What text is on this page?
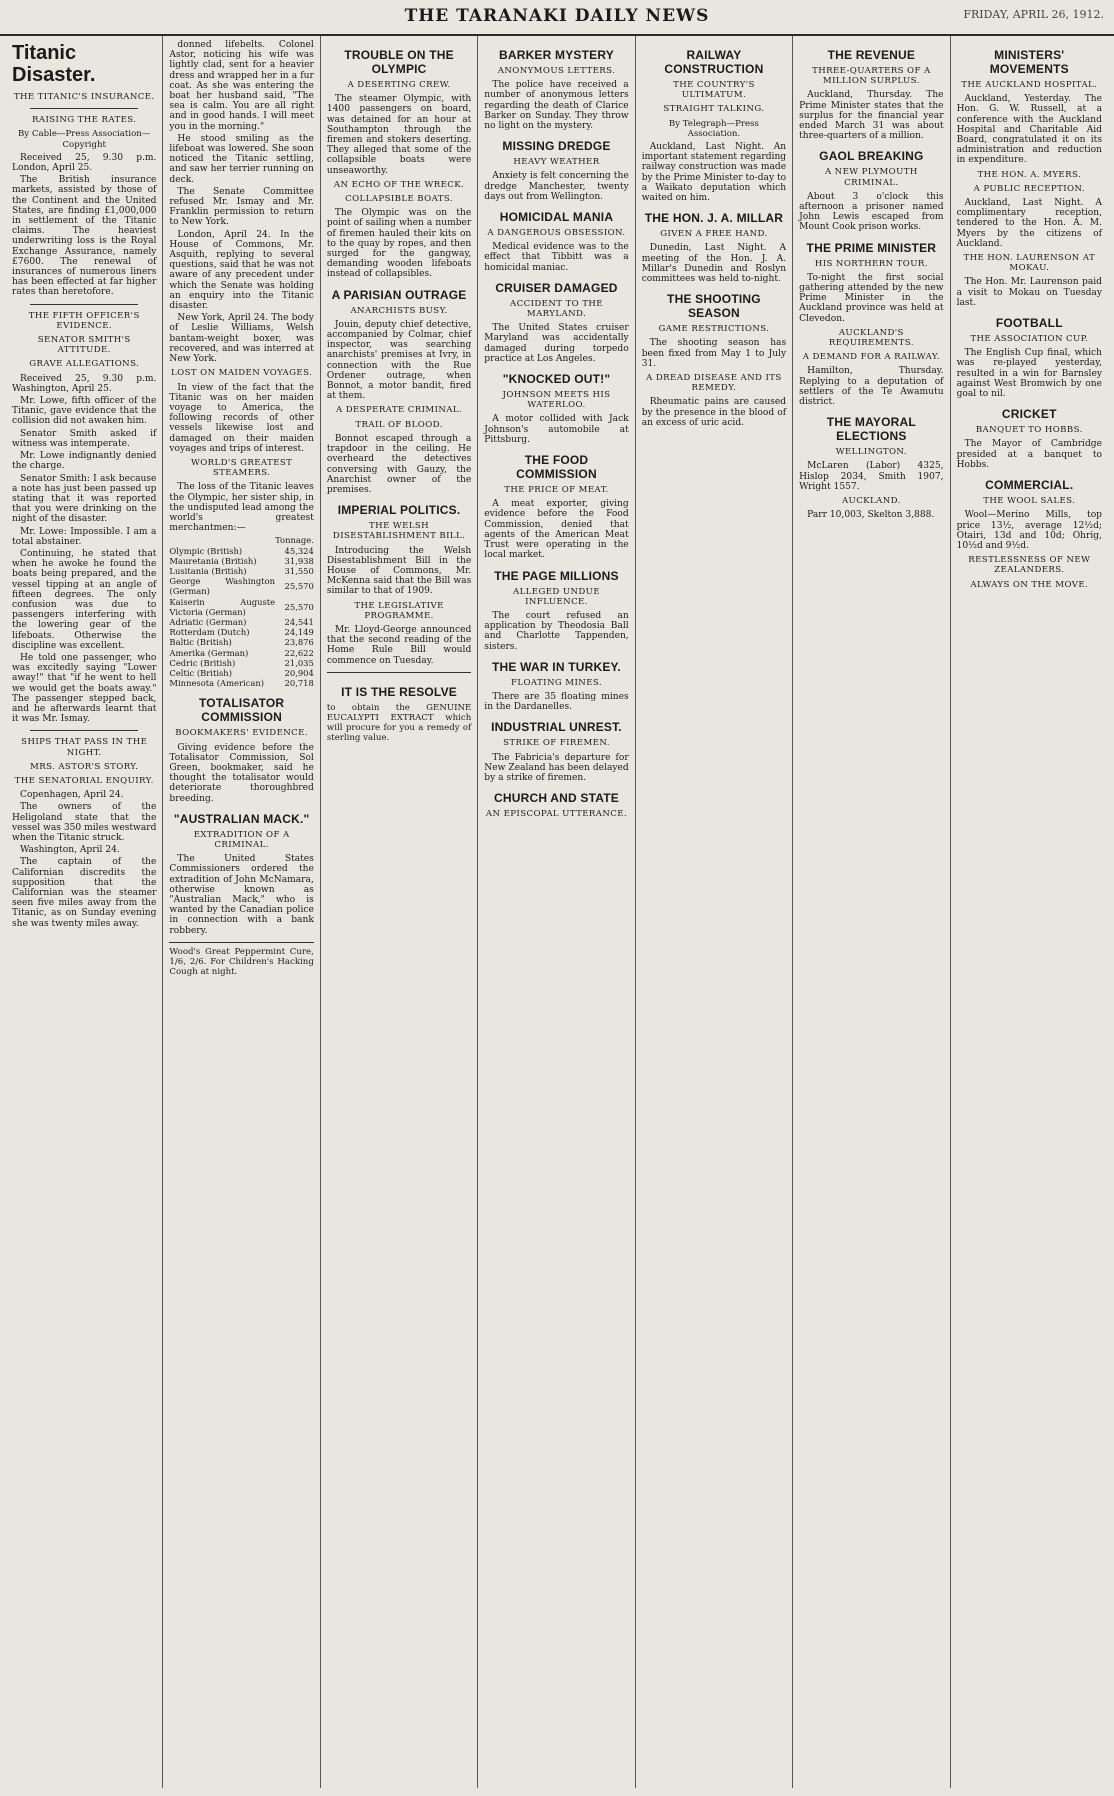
THE TARANAKI DAILY NEWS	FRIDAY, APRIL 26, 1912.
Titanic Disaster.
THE TITANIC'S INSURANCE.
RAISING THE RATES.
By Cable—Press Association—Copyright

Received 25, 9.30 p.m. London, April 25.

The British insurance markets, assisted by those of the Continent and the United States, are finding £1,000,000 in settlement of the Titanic claims. The heaviest underwriting loss is the Royal Exchange Assurance, namely £7600. The renewal of insurances of numerous liners has been effected at far higher rates than heretofore.

THE FIFTH OFFICER'S EVIDENCE.
SENATOR SMITH'S ATTITUDE.
GRAVE ALLEGATIONS.

Received 25, 9.30 p.m. Washington, April 25.

Mr. Lowe, fifth officer of the Titanic, gave evidence that the collision did not awaken him.

Senator Smith asked if witness was intemperate.

Mr. Lowe indignantly denied the charge.

Senator Smith: I ask because a note has just been passed up stating that it was reported that you were drinking on the night of the disaster.

Mr. Lowe: Impossible. I am a total abstainer.

Continuing, he stated that when he awoke he found the boats being prepared, and the vessel tipping at an angle of fifteen degrees. The only confusion was due to passengers interfering with the lowering gear of the lifeboats. Otherwise the discipline was excellent.

He told one passenger, who was excitedly saying "Lower away!" that "if he went to hell we would get the boats away." The passenger stepped back, and he afterwards learnt that it was Mr. Ismay.

SHIPS THAT PASS IN THE NIGHT.
MRS. ASTOR'S STORY.
THE SENATORIAL ENQUIRY.

Copenhagen, April 24.

The owners of the Heligoland state that the vessel was 350 miles westward when the Titanic struck.

Washington, April 24.

The captain of the Californian discredits the supposition that the Californian was the steamer seen five miles away from the Titanic, as on Sunday evening she was twenty miles away.

donned lifebelts. Colonel Astor, noticing his wife was lightly clad, sent for a heavier dress and wrapped her in a fur coat. As she was entering the boat her husband said, "The sea is calm. You are all right and in good hands. I will meet you in the morning."

He stood smiling as the lifeboat was lowered. She soon noticed the Titanic settling, and saw her terrier running on deck.

The Senate Committee refused Mr. Ismay and Mr. Franklin permission to return to New York.

London, April 24. In the House of Commons, Mr. Asquith, replying to several questions, said that he was not aware of any precedent under which the Senate was holding an enquiry into the Titanic disaster.

New York, April 24. The body of Leslie Williams, Welsh bantam-weight boxer, was recovered, and was interred at New York.

LOST ON MAIDEN VOYAGES.

In view of the fact that the Titanic was on her maiden voyage to America, the following records of other vessels likewise lost and damaged on their maiden voyages and trips of interest.

WORLD'S GREATEST STEAMERS.

The loss of the Titanic leaves the Olympic, her sister ship, in the undisputed lead among the world's greatest merchantmen:—

	Tonnage.
Olympic (British)	45,324
Mauretania (British)	31,938
Lusitania (British)	31,550
George Washington (German)	25,570
Kaiserin Auguste Victoria (German)	25,570
Adriatic (German)	24,541
Rotterdam (Dutch)	24,149
Baltic (British)	23,876
Amerika (German)	22,622
Cedric (British)	21,035
Celtic (British)	20,904
Minnesota (American)	20,718
TOTALISATOR COMMISSION
BOOKMAKERS' EVIDENCE.

Giving evidence before the Totalisator Commission, Sol Green, bookmaker, said he thought the totalisator would deteriorate thoroughbred breeding.

"AUSTRALIAN MACK."
EXTRADITION OF A CRIMINAL.

The United States Commissioners ordered the extradition of John McNamara, otherwise known as "Australian Mack," who is wanted by the Canadian police in connection with a bank robbery.

Wood's Great Peppermint Cure, 1/6, 2/6. For Children's Hacking Cough at night.
TROUBLE ON THE OLYMPIC
A DESERTING CREW.

The steamer Olympic, with 1400 passengers on board, was detained for an hour at Southampton through the firemen and stokers deserting. They alleged that some of the collapsible boats were unseaworthy.

AN ECHO OF THE WRECK.
COLLAPSIBLE BOATS.

The Olympic was on the point of sailing when a number of firemen hauled their kits on to the quay by ropes, and then surged for the gangway, demanding wooden lifeboats instead of collapsibles.

A PARISIAN OUTRAGE
ANARCHISTS BUSY.

Jouin, deputy chief detective, accompanied by Colmar, chief inspector, was searching anarchists' premises at Ivry, in connection with the Rue Ordener outrage, when Bonnot, a motor bandit, fired at them.

A DESPERATE CRIMINAL.
TRAIL OF BLOOD.

Bonnot escaped through a trapdoor in the ceiling. He overheard the detectives conversing with Gauzy, the Anarchist owner of the premises.

IMPERIAL POLITICS.
THE WELSH DISESTABLISHMENT BILL.

Introducing the Welsh Disestablishment Bill in the House of Commons, Mr. McKenna said that the Bill was similar to that of 1909.

THE LEGISLATIVE PROGRAMME.

Mr. Lloyd-George announced that the second reading of the Home Rule Bill would commence on Tuesday.

IT IS THE RESOLVE
to obtain the GENUINE EUCALYPTI EXTRACT which will procure for you a remedy of sterling value.
BARKER MYSTERY
ANONYMOUS LETTERS.

The police have received a number of anonymous letters regarding the death of Clarice Barker on Sunday. They throw no light on the mystery.

MISSING DREDGE
HEAVY WEATHER

Anxiety is felt concerning the dredge Manchester, twenty days out from Wellington.

HOMICIDAL MANIA
A DANGEROUS OBSESSION.

Medical evidence was to the effect that Tibbitt was a homicidal maniac.

CRUISER DAMAGED
ACCIDENT TO THE MARYLAND.

The United States cruiser Maryland was accidentally damaged during torpedo practice at Los Angeles.

"KNOCKED OUT!"
JOHNSON MEETS HIS WATERLOO.

A motor collided with Jack Johnson's automobile at Pittsburg.

THE FOOD COMMISSION
THE PRICE OF MEAT.

A meat exporter, giving evidence before the Food Commission, denied that agents of the American Meat Trust were operating in the local market.

THE PAGE MILLIONS
ALLEGED UNDUE INFLUENCE.

The court refused an application by Theodosia Ball and Charlotte Tappenden, sisters.

THE WAR IN TURKEY.
FLOATING MINES.

There are 35 floating mines in the Dardanelles.

INDUSTRIAL UNREST.
STRIKE OF FIREMEN.

The Fabricia's departure for New Zealand has been delayed by a strike of firemen.

CHURCH AND STATE
AN EPISCOPAL UTTERANCE.
RAILWAY CONSTRUCTION
THE COUNTRY'S ULTIMATUM.
STRAIGHT TALKING.
By Telegraph—Press Association.

Auckland, Last Night. An important statement regarding railway construction was made by the Prime Minister to-day to a Waikato deputation which waited on him.

THE HON. J. A. MILLAR
GIVEN A FREE HAND.

Dunedin, Last Night. A meeting of the Hon. J. A. Millar's Dunedin and Roslyn committees was held to-night.

THE SHOOTING SEASON
GAME RESTRICTIONS.

The shooting season has been fixed from May 1 to July 31.

A DREAD DISEASE AND ITS REMEDY.

Rheumatic pains are caused by the presence in the blood of an excess of uric acid.

THE REVENUE
THREE-QUARTERS OF A MILLION SURPLUS.

Auckland, Thursday. The Prime Minister states that the surplus for the financial year ended March 31 was about three-quarters of a million.

GAOL BREAKING
A NEW PLYMOUTH CRIMINAL.

About 3 o'clock this afternoon a prisoner named John Lewis escaped from Mount Cook prison works.

THE PRIME MINISTER
HIS NORTHERN TOUR.

To-night the first social gathering attended by the new Prime Minister in the Auckland province was held at Clevedon.

AUCKLAND'S REQUIREMENTS.
A DEMAND FOR A RAILWAY.

Hamilton, Thursday. Replying to a deputation of settlers of the Te Awamutu district.

THE MAYORAL ELECTIONS
WELLINGTON.

McLaren (Labor) 4325, Hislop 2034, Smith 1907, Wright 1557.

AUCKLAND.

Parr 10,003, Skelton 3,888.

MINISTERS' MOVEMENTS
THE AUCKLAND HOSPITAL.

Auckland, Yesterday. The Hon. G. W. Russell, at a conference with the Auckland Hospital and Charitable Aid Board, congratulated it on its administration and reduction in expenditure.

THE HON. A. MYERS.
A PUBLIC RECEPTION.

Auckland, Last Night. A complimentary reception, tendered to the Hon. A. M. Myers by the citizens of Auckland.

THE HON. LAURENSON AT MOKAU.

The Hon. Mr. Laurenson paid a visit to Mokau on Tuesday last.

FOOTBALL
THE ASSOCIATION CUP.

The English Cup final, which was re-played yesterday, resulted in a win for Barnsley against West Bromwich by one goal to nil.

CRICKET
BANQUET TO HOBBS.

The Mayor of Cambridge presided at a banquet to Hobbs.

COMMERCIAL.
THE WOOL SALES.

Wool—Merino Mills, top price 13½, average 12½d; Otairi, 13d and 10d; Ohrig, 10½d and 9½d.

RESTLESSNESS OF NEW ZEALANDERS.
ALWAYS ON THE MOVE.
